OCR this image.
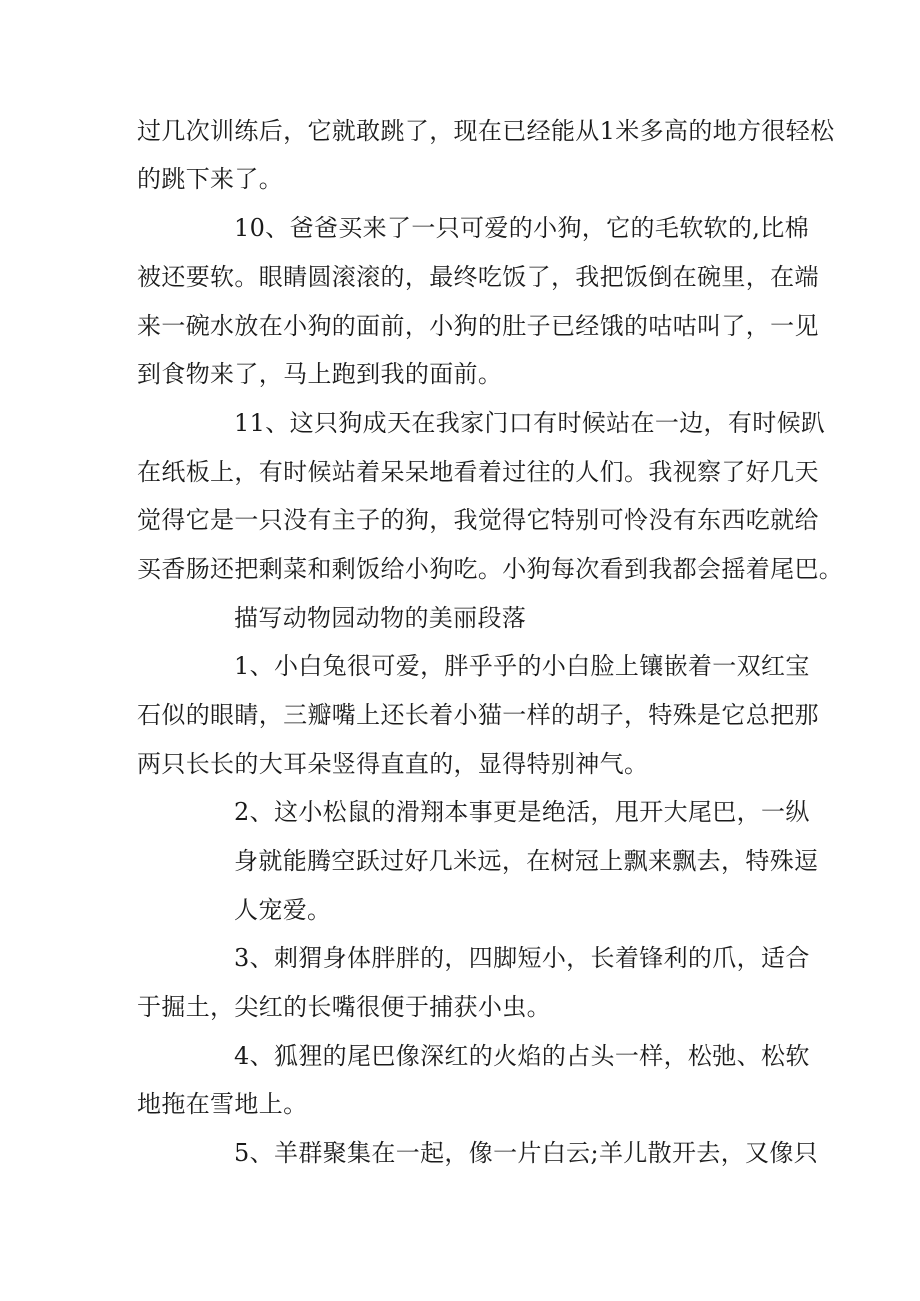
过几次训练后，它就敢跳了，现在已经能从1米多高的地方很轻松
的跳下来了。
10、爸爸买来了一只可爱的小狗，它的毛软软的,比棉
被还要软。眼睛圆滚滚的，最终吃饭了，我把饭倒在碗里，在端
来一碗水放在小狗的面前，小狗的肚子已经饿的咕咕叫了，一见
到食物来了，马上跑到我的面前。
11、这只狗成天在我家门口有时候站在一边，有时候趴
在纸板上，有时候站着呆呆地看着过往的人们。我视察了好几天
觉得它是一只没有主子的狗，我觉得它特别可怜没有东西吃就给
买香肠还把剩菜和剩饭给小狗吃。小狗每次看到我都会摇着尾巴。
描写动物园动物的美丽段落
1、小白兔很可爱，胖乎乎的小白脸上镶嵌着一双红宝
石似的眼睛，三瓣嘴上还长着小猫一样的胡子，特殊是它总把那
两只长长的大耳朵竖得直直的，显得特别神气。
2、这小松鼠的滑翔本事更是绝活，甩开大尾巴，一纵
身就能腾空跃过好几米远，在树冠上飘来飘去，特殊逗
人宠爱。
3、刺猬身体胖胖的，四脚短小，长着锋利的爪，适合
于掘土，尖红的长嘴很便于捕获小虫。
4、狐狸的尾巴像深红的火焰的占头一样，松弛、松软
地拖在雪地上。
5、羊群聚集在一起，像一片白云;羊儿散开去，又像只
